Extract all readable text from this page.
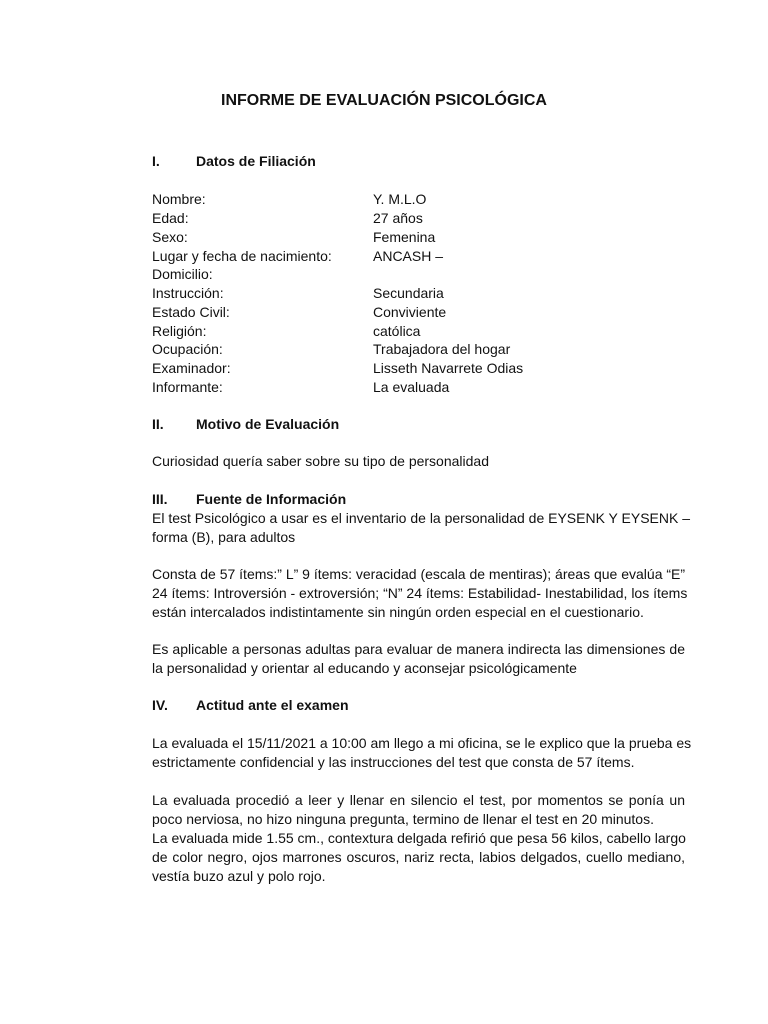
INFORME DE EVALUACIÓN PSICOLÓGICA
I.	Datos de Filiación
Nombre:	Y. M.L.O
Edad:	27 años
Sexo:	Femenina
Lugar y fecha de nacimiento:	ANCASH –
Domicilio:
Instrucción:	Secundaria
Estado Civil:	Conviviente
Religión:	católica
Ocupación:	Trabajadora del hogar
Examinador:	Lisseth Navarrete Odias
Informante:	La evaluada
II.	Motivo de Evaluación
Curiosidad quería saber sobre su tipo de personalidad
III.	Fuente de Información
El test Psicológico a usar es el inventario de la personalidad de EYSENK Y EYSENK –
forma (B), para adultos
Consta de 57 ítems:” L” 9 ítems: veracidad (escala de mentiras); áreas que evalúa “E”
24 ítems: Introversión - extroversión; “N” 24 ítems: Estabilidad- Inestabilidad, los ítems
están intercalados indistintamente sin ningún orden especial en el cuestionario.
Es aplicable a personas adultas para evaluar de manera indirecta las dimensiones de
la personalidad y orientar al educando y aconsejar psicológicamente
IV.	Actitud ante el examen
La evaluada el 15/11/2021 a 10:00 am llego a mi oficina, se le explico que la prueba es
estrictamente confidencial y las instrucciones del test que consta de 57 ítems.
La evaluada procedió a leer y llenar en silencio el test, por momentos se ponía un
poco nerviosa, no hizo ninguna pregunta, termino de llenar el test en 20 minutos.
La evaluada mide 1.55 cm., contextura delgada refirió que pesa 56 kilos, cabello largo
de color negro, ojos marrones oscuros, nariz recta, labios delgados, cuello mediano,
vestía buzo azul y polo rojo.
